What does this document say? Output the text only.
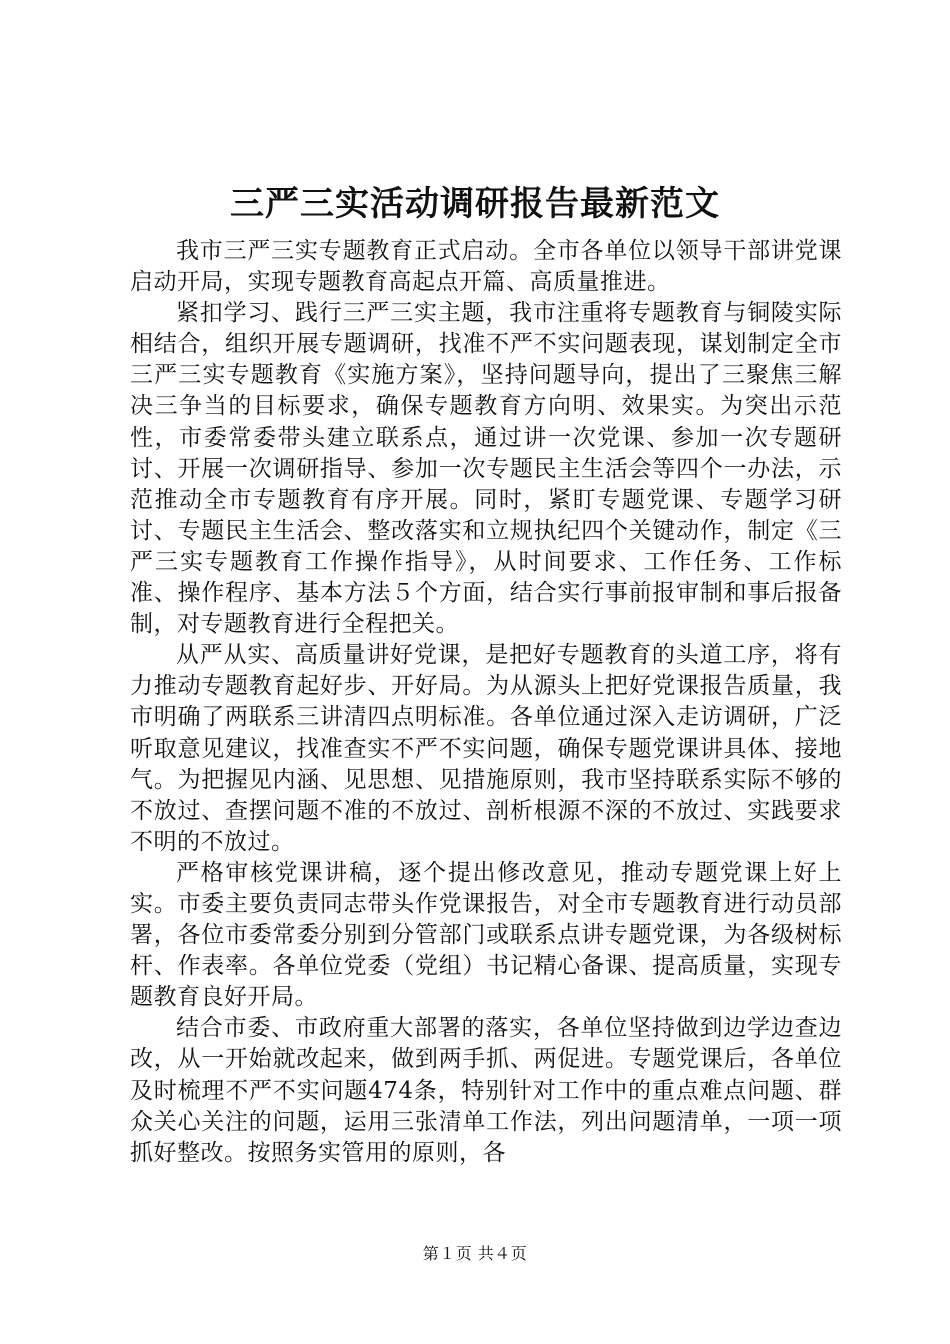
三严三实活动调研报告最新范文

我市三严三实专题教育正式启动。全市各单位以领导干部讲党课启动开局，实现专题教育高起点开篇、高质量推进。

紧扣学习、践行三严三实主题，我市注重将专题教育与铜陵实际相结合，组织开展专题调研，找准不严不实问题表现，谋划制定全市三严三实专题教育《实施方案》，坚持问题导向，提出了三聚焦三解决三争当的目标要求，确保专题教育方向明、效果实。为突出示范性，市委常委带头建立联系点，通过讲一次党课、参加一次专题研讨、开展一次调研指导、参加一次专题民主生活会等四个一办法，示范推动全市专题教育有序开展。同时，紧盯专题党课、专题学习研讨、专题民主生活会、整改落实和立规执纪四个关键动作，制定《三严三实专题教育工作操作指导》，从时间要求、工作任务、工作标准、操作程序、基本方法５个方面，结合实行事前报审制和事后报备制，对专题教育进行全程把关。

从严从实、高质量讲好党课，是把好专题教育的头道工序，将有力推动专题教育起好步、开好局。为从源头上把好党课报告质量，我市明确了两联系三讲清四点明标准。各单位通过深入走访调研，广泛听取意见建议，找准查实不严不实问题，确保专题党课讲具体、接地气。为把握见内涵、见思想、见措施原则，我市坚持联系实际不够的不放过、查摆问题不准的不放过、剖析根源不深的不放过、实践要求不明的不放过。

严格审核党课讲稿，逐个提出修改意见，推动专题党课上好上实。市委主要负责同志带头作党课报告，对全市专题教育进行动员部署，各位市委常委分别到分管部门或联系点讲专题党课，为各级树标杆、作表率。各单位党委（党组）书记精心备课、提高质量，实现专题教育良好开局。

结合市委、市政府重大部署的落实，各单位坚持做到边学边查边改，从一开始就改起来，做到两手抓、两促进。专题党课后，各单位及时梳理不严不实问题474条，特别针对工作中的重点难点问题、群众关心关注的问题，运用三张清单工作法，列出问题清单，一项一项抓好整改。按照务实管用的原则，各

第１页 共４页
